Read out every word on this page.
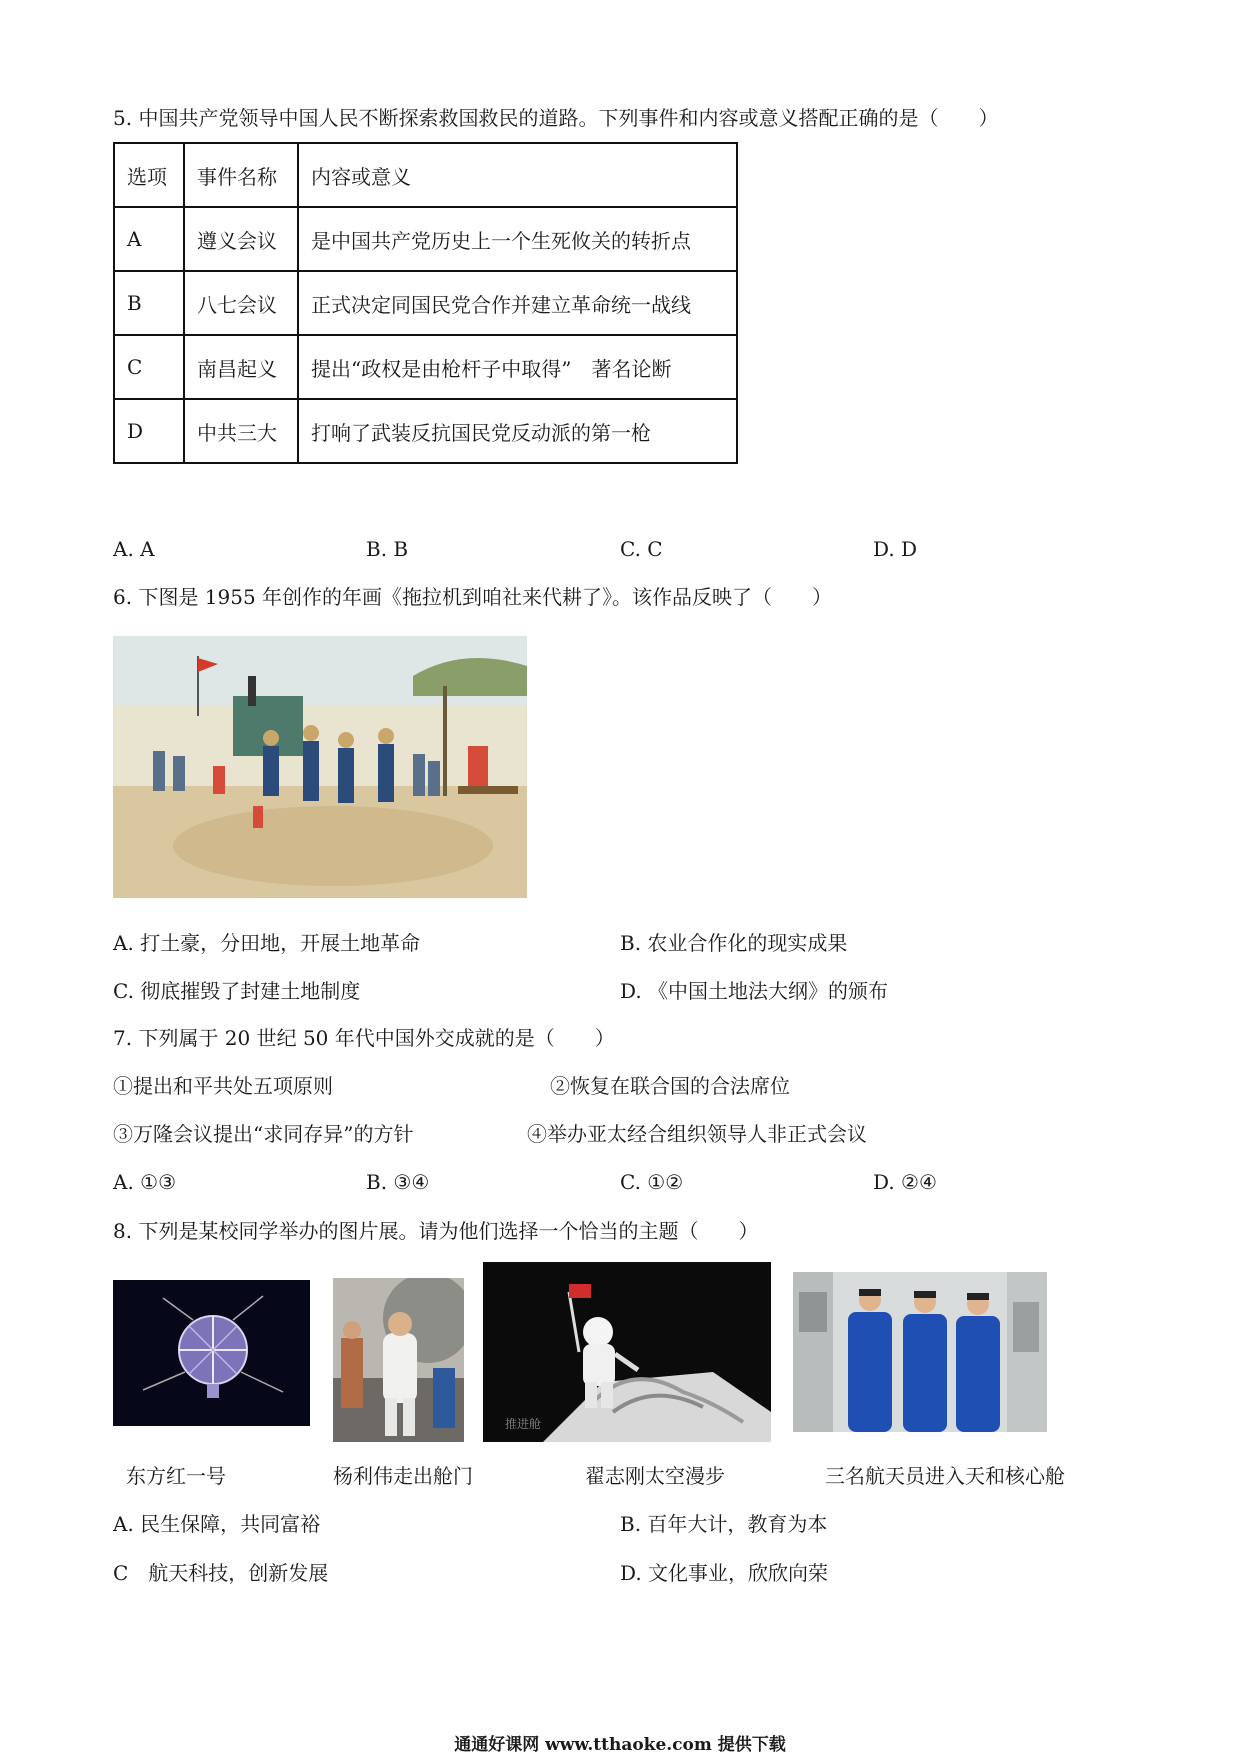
5. 中国共产党领导中国人民不断探索救国救民的道路。下列事件和内容或意义搭配正确的是（　　）
选项	事件名称	内容或意义
A	遵义会议	是中国共产党历史上一个生死攸关的转折点
B	八七会议	正式决定同国民党合作并建立革命统一战线
C	南昌起义	提出“政权是由枪杆子中取得”　著名论断
D	中共三大	打响了武装反抗国民党反动派的第一枪
A. A	B. B	C. C	D. D
6. 下图是 1955 年创作的年画《拖拉机到咱社来代耕了》。该作品反映了（　　）
A. 打土豪，分田地，开展土地革命	B. 农业合作化的现实成果
C. 彻底摧毁了封建土地制度	D. 《中国土地法大纲》的颁布
7. 下列属于 20 世纪 50 年代中国外交成就的是（　　）
①提出和平共处五项原则	②恢复在联合国的合法席位
③万隆会议提出“求同存异”的方针	④举办亚太经合组织领导人非正式会议
A. ①③	B. ③④	C. ①②	D. ②④
8. 下列是某校同学举办的图片展。请为他们选择一个恰当的主题（　　）
推进舱
东方红一号	杨利伟走出舱门	翟志刚太空漫步	三名航天员进入天和核心舱
A. 民生保障，共同富裕	B. 百年大计，教育为本
C　航天科技，创新发展	D. 文化事业，欣欣向荣
通通好课网 www.tthaoke.com 提供下载
